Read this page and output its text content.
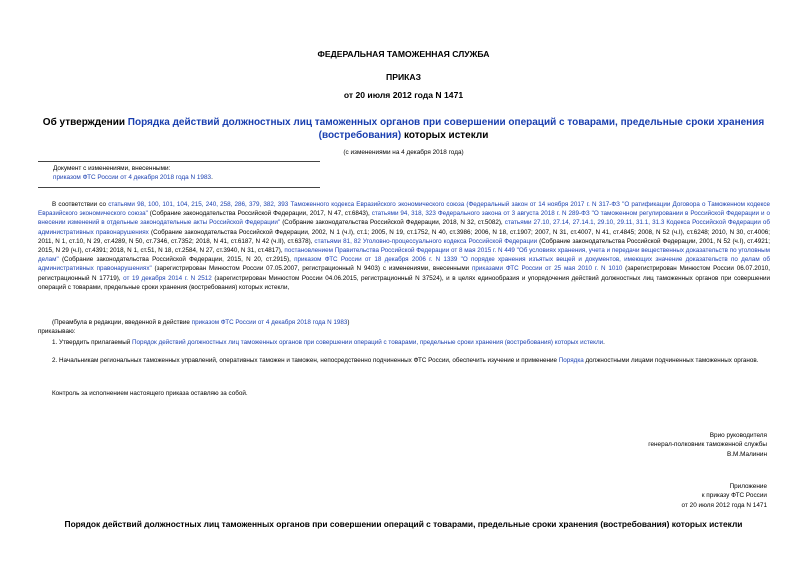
ФЕДЕРАЛЬНАЯ ТАМОЖЕННАЯ СЛУЖБА
ПРИКАЗ
от 20 июля 2012 года N 1471
Об утверждении Порядка действий должностных лиц таможенных органов при совершении операций с товарами, предельные сроки хранения (востребования) которых истекли
(с изменениями на 4 декабря 2018 года)
Документ с изменениями, внесенными:
приказом ФТС России от 4 декабря 2018 года N 1983.
В соответствии со статьями 98, 100, 101, 104, 215, 240, 258, 286, 379, 382, 393 Таможенного кодекса Евразийского экономического союза (Федеральный закон от 14 ноября 2017 г. N 317-ФЗ "О ратификации Договора о Таможенном кодексе Евразийского экономического союза" (Собрание законодательства Российской Федерации, 2017, N 47, ст.6843), статьями 94, 318, 323 Федерального закона от 3 августа 2018 г. N 289-ФЗ "О таможенном регулировании в Российской Федерации и о внесении изменений в отдельные законодательные акты Российской Федерации" (Собрание законодательства Российской Федерации, 2018, N 32, ст.5082), статьями 27.10, 27.14, 27.14.1, 29.10, 29.11, 31.1, 31.3 Кодекса Российской Федерации об административных правонарушениях (Собрание законодательства Российской Федерации, 2002, N 1 (ч.I), ст.1; 2005, N 19, ст.1752, N 40, ст.3986; 2006, N 18, ст.1907; 2007, N 31, ст.4007, N 41, ст.4845; 2008, N 52 (ч.I), ст.6248; 2010, N 30, ст.4006; 2011, N 1, ст.10, N 29, ст.4289, N 50, ст.7346, ст.7352; 2018, N 41, ст.6187, N 42 (ч.II), ст.6378), статьями 81, 82 Уголовно-процессуального кодекса Российской Федерации (Собрание законодательства Российской Федерации, 2001, N 52 (ч.I), ст.4921; 2015, N 29 (ч.I), ст.4391; 2018, N 1, ст.51, N 18, ст.2584, N 27, ст.3940, N 31, ст.4817), постановлением Правительства Российской Федерации от 8 мая 2015 г. N 449 "Об условиях хранения, учета и передачи вещественных доказательств по уголовным делам" (Собрание законодательства Российской Федерации, 2015, N 20, ст.2915), приказом ФТС России от 18 декабря 2006 г. N 1339 "О порядке хранения изъятых вещей и документов, имеющих значение доказательств по делам об административных правонарушениях" (зарегистрирован Минюстом России 07.05.2007, регистрационный N 9403) с изменениями, внесенными приказами ФТС России от 25 мая 2010 г. N 1010 (зарегистрирован Минюстом России 06.07.2010, регистрационный N 17719), от 19 декабря 2014 г. N 2512 (зарегистрирован Минюстом России 04.06.2015, регистрационный N 37524), и в целях единообразия и упорядочения действий должностных лиц таможенных органов при совершении операций с товарами, предельные сроки хранения (востребования) которых истекли,
(Преамбула в редакции, введенной в действие приказом ФТС России от 4 декабря 2018 года N 1983)
приказываю:
1. Утвердить прилагаемый Порядок действий должностных лиц таможенных органов при совершении операций с товарами, предельные сроки хранения (востребования) которых истекли.
2. Начальникам региональных таможенных управлений, оперативных таможен и таможен, непосредственно подчиненных ФТС России, обеспечить изучение и применение Порядка должностными лицами подчиненных таможенных органов.
Контроль за исполнением настоящего приказа оставляю за собой.
Врио руководителя
генерал-полковник таможенной службы
В.М.Малинин
Приложение
к приказу ФТС России
от 20 июля 2012 года N 1471
Порядок действий должностных лиц таможенных органов при совершении операций с товарами, предельные сроки хранения (востребования) которых истекли
